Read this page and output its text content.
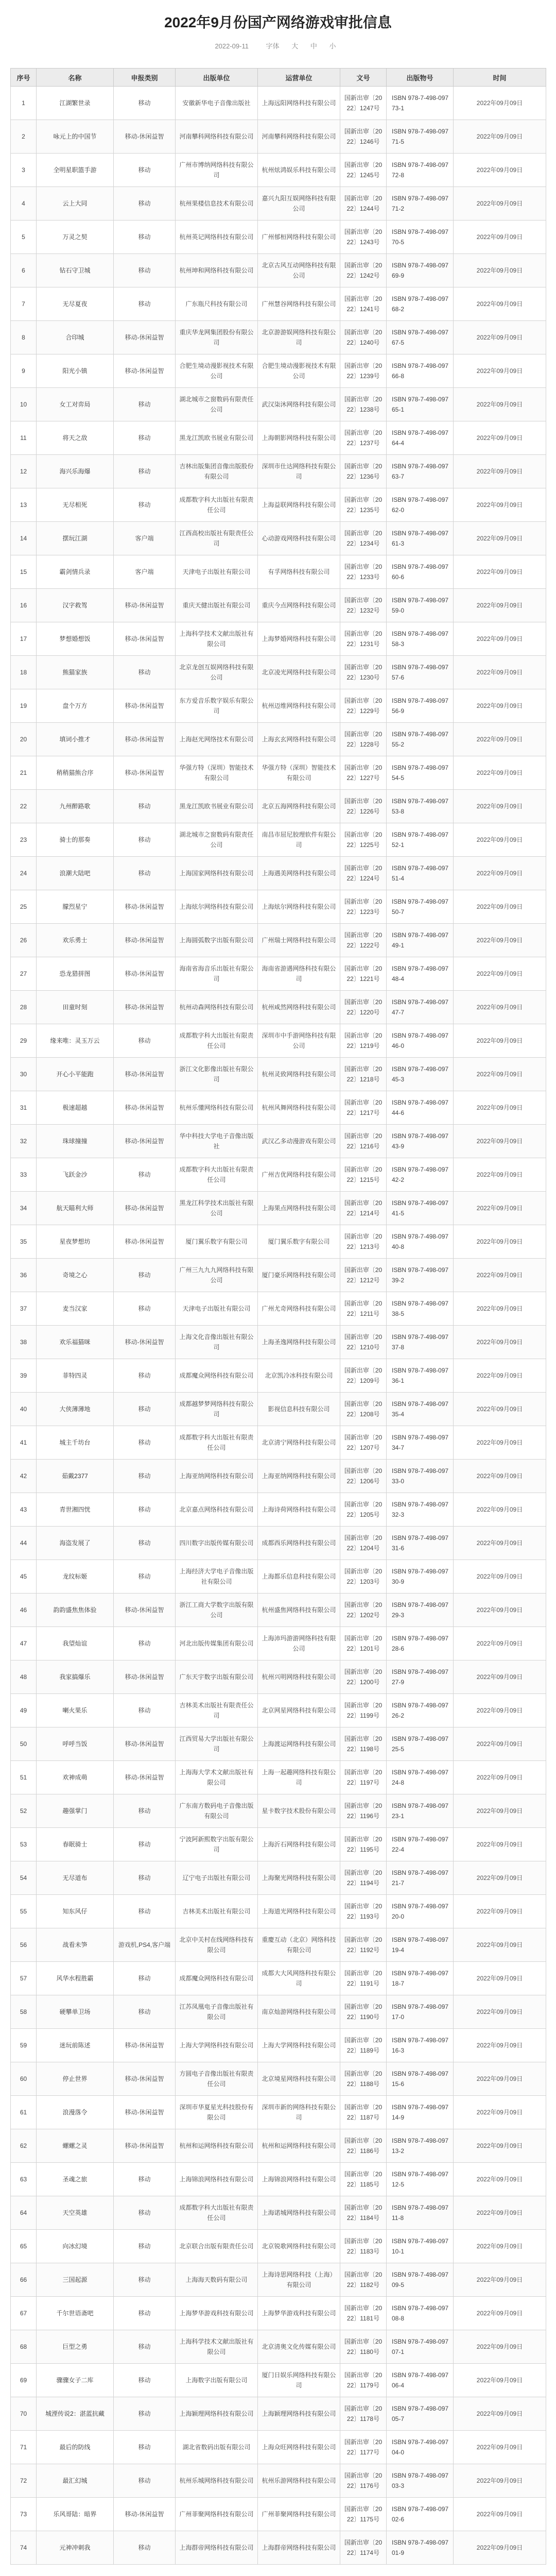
2022年9月份国产网络游戏审批信息
2022-09-11	字体 大 中 小
序号	名称	申报类别	出版单位	运营单位	文号	出版物号	时间
1	江湖繁世录	移动	安徽新华电子音像出版社	上海远阳网络科技有限公司	国新出审〔2022〕1247号	ISBN 978-7-498-09773-1	2022年09月09日
2	咏元上的中国节	移动-休闲益智	河南攀科网络科技有限公司	河南攀科网络科技有限公司	国新出审〔2022〕1246号	ISBN 978-7-498-09771-5	2022年09月09日
3	全明星职篮手游	移动	广州市博纳网络科技有限公司	杭州炫鸿娱乐科技有限公司	国新出审〔2022〕1245号	ISBN 978-7-498-09772-8	2022年09月09日
4	云上大同	移动	杭州果楼信息技术有限公司	嘉兴九阳互娱网络科技有限公司	国新出审〔2022〕1244号	ISBN 978-7-498-09771-2	2022年09月09日
5	万灵之契	移动	杭州英记网络科技有限公司	广州郁桓网络科技有限公司	国新出审〔2022〕1243号	ISBN 978-7-498-09770-5	2022年09月09日
6	钻石守卫城	移动	杭州坤和网络科技有限公司	北京古风互动网络科技有限公司	国新出审〔2022〕1242号	ISBN 978-7-498-09769-9	2022年09月09日
7	无尽夏夜	移动	广东瓶尺科技有限公司	广州慧谷网络科技有限公司	国新出审〔2022〕1241号	ISBN 978-7-498-09768-2	2022年09月09日
8	合印城	移动-休闲益智	重庆华龙网集团股份有限公司	北京游游娱网络科技有限公司	国新出审〔2022〕1240号	ISBN 978-7-498-09767-5	2022年09月09日
9	阳光小镇	移动-休闲益智	合肥生境动漫影视技术有限公司	合肥生境动漫影视技术有限公司	国新出审〔2022〕1239号	ISBN 978-7-498-09766-8	2022年09月09日
10	女工对弈局	移动	湖北城市之窗数码有限责任公司	武汉柒沐网络科技有限公司	国新出审〔2022〕1238号	ISBN 978-7-498-09765-1	2022年09月09日
11	将天之敌	移动	黑龙江凯欧书展业有限公司	上海朝影网络科技有限公司	国新出审〔2022〕1237号	ISBN 978-7-498-09764-4	2022年09月09日
12	海兴乐海爆	移动	吉林出版集团音像出版股份有限公司	深圳市仕达网络科技有限公司	国新出审〔2022〕1236号	ISBN 978-7-498-09763-7	2022年09月09日
13	无尽相死	移动	成都数字科大出版社有限责任公司	上海益联网络科技有限公司	国新出审〔2022〕1235号	ISBN 978-7-498-09762-0	2022年09月09日
14	摆玩江湖	客户端	江西高校出版社有限责任公司	心动游戏网络科技有限公司	国新出审〔2022〕1234号	ISBN 978-7-498-09761-3	2022年09月09日
15	霸剑情兵录	客户端	天津电子出版社有限公司	有孚网络科技有限公司	国新出审〔2022〕1233号	ISBN 978-7-498-09760-6	2022年09月09日
16	汉字救驾	移动-休闲益智	重庆天健出版社有限公司	重庆今点网络科技有限公司	国新出审〔2022〕1232号	ISBN 978-7-498-09759-0	2022年09月09日
17	梦想婚想饭	移动-休闲益智	上海科学技术文献出版社有限公司	上海梦婚网络科技有限公司	国新出审〔2022〕1231号	ISBN 978-7-498-09758-3	2022年09月09日
18	熊猫家族	移动	北京龙创互娱网络科技有限公司	北京凌光网络科技有限公司	国新出审〔2022〕1230号	ISBN 978-7-498-09757-6	2022年09月09日
19	盘个万方	移动-休闲益智	东方爱音乐数字娱乐有限公司	杭州迈维网络科技有限公司	国新出审〔2022〕1229号	ISBN 978-7-498-09756-9	2022年09月09日
20	填词小推才	移动-休闲益智	上海赵光网络技术有限公司	上海玄玄网络科技有限公司	国新出审〔2022〕1228号	ISBN 978-7-498-09755-2	2022年09月09日
21	稍稍猫熊合序	移动-休闲益智	华强方特（深圳）智能技术有限公司	华强方特（深圳）智能技术有限公司	国新出审〔2022〕1227号	ISBN 978-7-498-09754-5	2022年09月09日
22	九州醉路歌	移动	黑龙江凯欧书展业有限公司	北京五海网络科技有限公司	国新出审〔2022〕1226号	ISBN 978-7-498-09753-8	2022年09月09日
23	骑士的那奏	移动	湖北城市之窗数码有限责任公司	南昌市屈尼胶理软件有限公司	国新出审〔2022〕1225号	ISBN 978-7-498-09752-1	2022年09月09日
24	浪潮大陆吧	移动	上海国家网络科技有限公司	上海遇美网络科技有限公司	国新出审〔2022〕1224号	ISBN 978-7-498-09751-4	2022年09月09日
25	朦烈星宁	移动-休闲益智	上海炫尔网络科技有限公司	上海炫尔网络科技有限公司	国新出审〔2022〕1223号	ISBN 978-7-498-09750-7	2022年09月09日
26	欢乐勇士	移动-休闲益智	上海圆弧数字出版有限公司	广州瑞士网络科技有限公司	国新出审〔2022〕1222号	ISBN 978-7-498-09749-1	2022年09月09日
27	恐龙猎拼图	移动-休闲益智	海南省海音乐出版社有限公司	海南省游遇网络科技有限公司	国新出审〔2022〕1221号	ISBN 978-7-498-09748-4	2022年09月09日
28	田童时刻	移动-休闲益智	杭州动森网络科技有限公司	杭州咸然网络科技有限公司	国新出审〔2022〕1220号	ISBN 978-7-498-09747-7	2022年09月09日
29	缘来唯：灵玉万云	移动	成都数字科大出版社有限责任公司	深圳市中手游网络科技有限公司	国新出审〔2022〕1219号	ISBN 978-7-498-09746-0	2022年09月09日
30	开心小平能跑	移动-休闲益智	浙江文化影像出版社有限公司	杭州灵致网络科技有限公司	国新出审〔2022〕1218号	ISBN 978-7-498-09745-3	2022年09月09日
31	极速超越	移动-休闲益智	杭州乐懂网络科技有限公司	杭州风舞网络科技有限公司	国新出审〔2022〕1217号	ISBN 978-7-498-09744-6	2022年09月09日
32	珠球撞撞	移动-休闲益智	华中科技大学电子音像出版社	武汉乙多动漫游戏有限公司	国新出审〔2022〕1216号	ISBN 978-7-498-09743-9	2022年09月09日
33	飞跃金沙	移动	成都数字科大出版社有限责任公司	广州吉优网络科技有限公司	国新出审〔2022〕1215号	ISBN 978-7-498-09742-2	2022年09月09日
34	航天瞄利大师	移动-休闲益智	黑龙江科学技术出版社有限公司	上海果点网络科技有限公司	国新出审〔2022〕1214号	ISBN 978-7-498-09741-5	2022年09月09日
35	星夜梦想坊	移动-休闲益智	厦门翼乐数字有限公司	厦门翼乐数字有限公司	国新出审〔2022〕1213号	ISBN 978-7-498-09740-8	2022年09月09日
36	奇境之心	移动	广州三九九九网络科技有限公司	厦门豪乐网络科技有限公司	国新出审〔2022〕1212号	ISBN 978-7-498-09739-2	2022年09月09日
37	麦当汉家	移动	天津电子出版社有限公司	广州尤奇网络科技有限公司	国新出审〔2022〕1211号	ISBN 978-7-498-09738-5	2022年09月09日
38	欢乐福猫咪	移动-休闲益智	上海文化音像出版社有限公司	上海圣逸网络科技有限公司	国新出审〔2022〕1210号	ISBN 978-7-498-09737-8	2022年09月09日
39	菲特四灵	移动	成都魔众网络科技有限公司	北京凯冷冰科技有限公司	国新出审〔2022〕1209号	ISBN 978-7-498-09736-1	2022年09月09日
40	大侠薄薄地	移动	成都越梦梦网络科技有限公司	影视信息科技有限公司	国新出审〔2022〕1208号	ISBN 978-7-498-09735-4	2022年09月09日
41	城主千坊台	移动	成都数字科大出版社有限责任公司	北京清宁网络科技有限公司	国新出审〔2022〕1207号	ISBN 978-7-498-09734-7	2022年09月09日
42	茹戴2377	移动	上海亚纳网络科技有限公司	上海亚纳网络科技有限公司	国新出审〔2022〕1206号	ISBN 978-7-498-09733-0	2022年09月09日
43	青世湘四恍	移动	北京嘉点网络科技有限公司	上海诗荷网络科技有限公司	国新出审〔2022〕1205号	ISBN 978-7-498-09732-3	2022年09月09日
44	海盗发展了	移动	四川数字出版传媒有限公司	成都西乐网络科技有限公司	国新出审〔2022〕1204号	ISBN 978-7-498-09731-6	2022年09月09日
45	龙纹标姬	移动	上海经济大学电子音像出版社有限公司	上海都乐信息科技有限公司	国新出审〔2022〕1203号	ISBN 978-7-498-09730-9	2022年09月09日
46	韵韵盛焦焦体验	移动-休闲益智	浙江工商大学数字出版有限公司	杭州盛焦网络科技有限公司	国新出审〔2022〕1202号	ISBN 978-7-498-09729-3	2022年09月09日
47	我望灿谊	移动	河北出版传媒集团有限公司	上海沛玛游游网络科技有限公司	国新出审〔2022〕1201号	ISBN 978-7-498-09728-6	2022年09月09日
48	我家搞爆乐	移动-休闲益智	广东天宇数字出版有限公司	杭州兴明网络科技有限公司	国新出审〔2022〕1200号	ISBN 978-7-498-09727-9	2022年09月09日
49	喇火果乐	移动	吉林美术出版社有限责任公司	北京网星网络科技有限公司	国新出审〔2022〕1199号	ISBN 978-7-498-09726-2	2022年09月09日
50	呼呼当饭	移动-休闲益智	江西贸易大学出版社有限公司	上海渡运网络科技有限公司	国新出审〔2022〕1198号	ISBN 978-7-498-09725-5	2022年09月09日
51	欢神成萌	移动-休闲益智	上海海大学术文献出版社有限公司	上海一起趣网络科技有限公司	国新出审〔2022〕1197号	ISBN 978-7-498-09724-8	2022年09月09日
52	趣强掌门	移动	广东南方数码电子音像出版有限公司	星卡数字技术股份有限公司	国新出审〔2022〕1196号	ISBN 978-7-498-09723-1	2022年09月09日
53	春眠骑士	移动	宁波阿新熙数字出版有限公司	上海沂石网络科技有限公司	国新出审〔2022〕1195号	ISBN 978-7-498-09722-4	2022年09月09日
54	无尽道布	移动	辽宁电子出版社有限公司	上海聚光网络科技有限公司	国新出审〔2022〕1194号	ISBN 978-7-498-09721-7	2022年09月09日
55	知东风仔	移动	吉林美术出版社有限公司	上海道光网络科技有限公司	国新出审〔2022〕1193号	ISBN 978-7-498-09720-0	2022年09月09日
56	战看未笋	游戏机,PS4,客户端	北京中关村在线网络科技有限公司	重慶互动（北京）网络科技有限公司	国新出审〔2022〕1192号	ISBN 978-7-498-09719-4	2022年09月09日
57	风华水程胜霸	移动	成都魔众网络科技有限公司	成都大大风网络科技有限公司	国新出审〔2022〕1191号	ISBN 978-7-498-09718-7	2022年09月09日
58	硬攀单卫场	移动	江苏凤凰电子音像出版社有限公司	南京灿游网络科技有限公司	国新出审〔2022〕1190号	ISBN 978-7-498-09717-0	2022年09月09日
59	迷玩前陈述	移动-休闲益智	上海大学网络科技有限公司	上海大学网络科技有限公司	国新出审〔2022〕1189号	ISBN 978-7-498-09716-3	2022年09月09日
60	停止世界	移动-休闲益智	方圆电子音像出版社有限责任公司	北京境星网络科技有限公司	国新出审〔2022〕1188号	ISBN 978-7-498-09715-6	2022年09月09日
61	浪漫落令	移动-休闲益智	深圳市华夏星光科技股份有限公司	深圳市新的网络科技有限公司	国新出审〔2022〕1187号	ISBN 978-7-498-09714-9	2022年09月09日
62	螺螺之灵	移动-休闲益智	杭州和运网络科技有限公司	杭州和运网络科技有限公司	国新出审〔2022〕1186号	ISBN 978-7-498-09713-2	2022年09月09日
63	圣魂之旅	移动	上海锦浪网络科技有限公司	上海锦浪网络科技有限公司	国新出审〔2022〕1185号	ISBN 978-7-498-09712-5	2022年09月09日
64	天空英雄	移动	成都数字科大出版社有限责任公司	上海诺城网络科技有限公司	国新出审〔2022〕1184号	ISBN 978-7-498-09711-8	2022年09月09日
65	向冰幻境	移动	北京联合出版有限责任公司	北京锐歌网络科技有限公司	国新出审〔2022〕1183号	ISBN 978-7-498-09710-1	2022年09月09日
66	三国起源	移动	上海海天数码有限公司	上海诗思网络科技（上海）有限公司	国新出审〔2022〕1182号	ISBN 978-7-498-09709-5	2022年09月09日
67	千尔世语斋吧	移动	上海梦华游戏科技有限公司	上海梦华游戏科技有限公司	国新出审〔2022〕1181号	ISBN 978-7-498-09708-8	2022年09月09日
68	巨型之勇	移动	上海科学技术文献出版社有限公司	北京清奥文化传媒有限公司	国新出审〔2022〕1180号	ISBN 978-7-498-09707-1	2022年09月09日
69	骤骤女子二库	移动	上海数字出版有限公司	厦门日娱乐网络科技有限公司	国新出审〔2022〕1179号	ISBN 978-7-498-09706-4	2022年09月09日
70	城湮传说2：湛蓝抗藏	移动	上海颖理网络科技有限公司	上海颖理网络科技有限公司	国新出审〔2022〕1178号	ISBN 978-7-498-09705-7	2022年09月09日
71	最后的防线	移动	湖北省数码出版有限公司	上海众旺网络科技有限公司	国新出审〔2022〕1177号	ISBN 978-7-498-09704-0	2022年09月09日
72	最汇幻城	移动	杭州乐城网络科技有限公司	杭州乐游网络科技有限公司	国新出审〔2022〕1176号	ISBN 978-7-498-09703-3	2022年09月09日
73	乐风哥陆：暗界	移动-休闲益智	广州菲聚网络科技有限公司	广州菲聚网络科技有限公司	国新出审〔2022〕1175号	ISBN 978-7-498-09702-6	2022年09月09日
74	元神冲刺我	移动	上海群帝网络科技有限公司	上海群帝网络科技有限公司	国新出审〔2022〕1174号	ISBN 978-7-498-09701-9	2022年09月09日
